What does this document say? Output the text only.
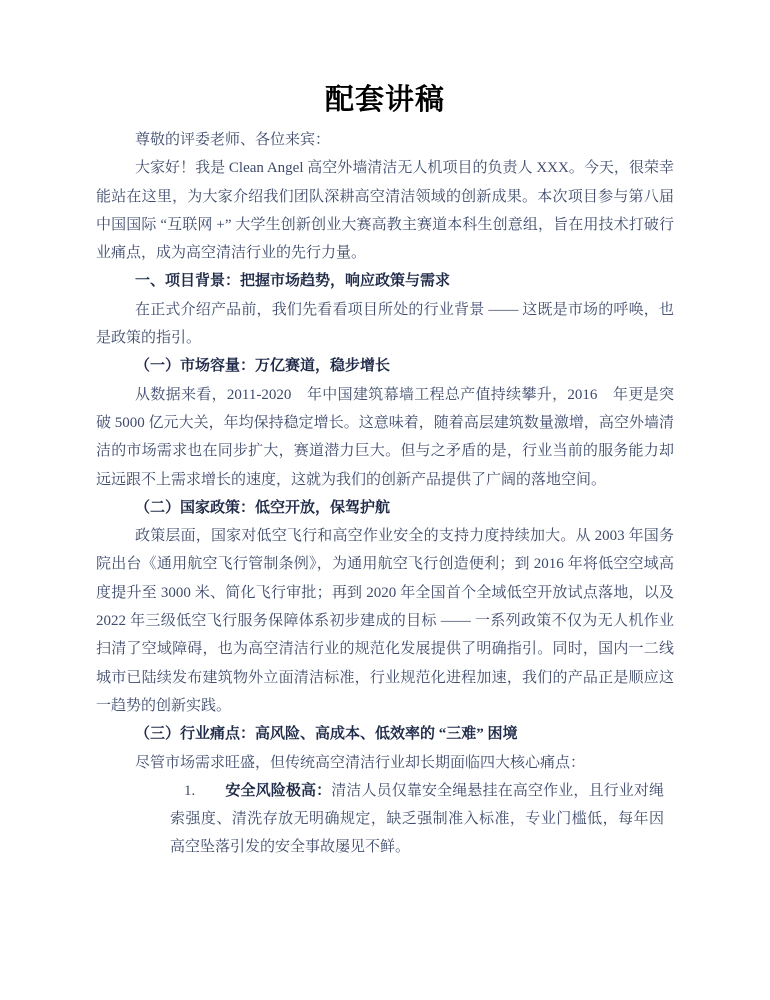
配套讲稿

尊敬的评委老师、各位来宾：

大家好！我是 Clean Angel 高空外墙清洁无人机项目的负责人 XXX。今天，很荣幸能站在这里，为大家介绍我们团队深耕高空清洁领域的创新成果。本次项目参与第八届中国国际 “互联网 +” 大学生创新创业大赛高教主赛道本科生创意组，旨在用技术打破行业痛点，成为高空清洁行业的先行力量。

一、项目背景：把握市场趋势，响应政策与需求

在正式介绍产品前，我们先看看项目所处的行业背景 —— 这既是市场的呼唤，也是政策的指引。

（一）市场容量：万亿赛道，稳步增长

从数据来看，2011-2020　年中国建筑幕墙工程总产值持续攀升，2016　年更是突破 5000 亿元大关，年均保持稳定增长。这意味着，随着高层建筑数量激增，高空外墙清洁的市场需求也在同步扩大，赛道潜力巨大。但与之矛盾的是，行业当前的服务能力却远远跟不上需求增长的速度，这就为我们的创新产品提供了广阔的落地空间。

（二）国家政策：低空开放，保驾护航

政策层面，国家对低空飞行和高空作业安全的支持力度持续加大。从 2003 年国务院出台《通用航空飞行管制条例》，为通用航空飞行创造便利；到 2016 年将低空空域高度提升至 3000 米、简化飞行审批；再到 2020 年全国首个全域低空开放试点落地，以及 2022 年三级低空飞行服务保障体系初步建成的目标 —— 一系列政策不仅为无人机作业扫清了空域障碍，也为高空清洁行业的规范化发展提供了明确指引。同时，国内一二线城市已陆续发布建筑物外立面清洁标准，行业规范化进程加速，我们的产品正是顺应这一趋势的创新实践。

（三）行业痛点：高风险、高成本、低效率的 “三难” 困境

尽管市场需求旺盛，但传统高空清洁行业却长期面临四大核心痛点：

1. 安全风险极高：清洁人员仅靠安全绳悬挂在高空作业，且行业对绳索强度、清洗存放无明确规定，缺乏强制准入标准，专业门槛低，每年因高空坠落引发的安全事故屡见不鲜。
